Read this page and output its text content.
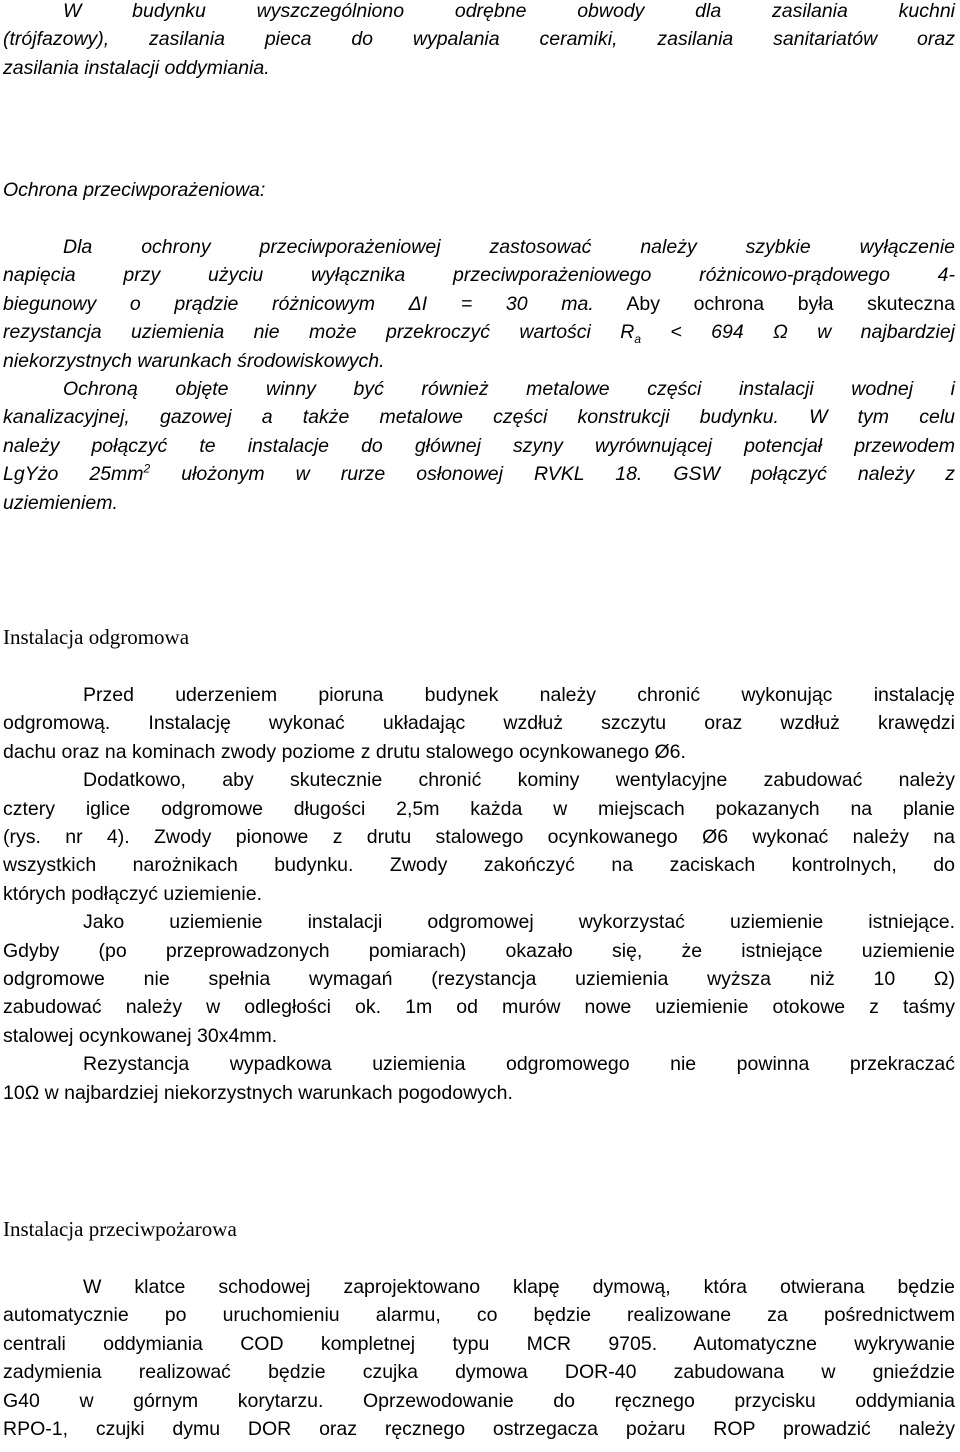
W budynku wyszczególniono odrębne obwody dla zasilania kuchni
(trójfazowy), zasilania pieca do wypalania ceramiki, zasilania sanitariatów oraz
zasilania instalacji oddymiania.

Ochrona przeciwporażeniowa:

Dla ochrony przeciwporażeniowej zastosować należy szybkie wyłączenie
napięcia przy użyciu wyłącznika przeciwporażeniowego różnicowo-prądowego 4-
biegunowy o prądzie różnicowym ΔI = 30 ma. Aby ochrona była skuteczna
rezystancja uziemienia nie może przekroczyć wartości $R_a < 694$ Ω w najbardziej
niekorzystnych warunkach środowiskowych.
Ochroną objęte winny być również metalowe części instalacji wodnej i
kanalizacyjnej, gazowej a także metalowe części konstrukcji budynku. W tym celu
należy połączyć te instalacje do głównej szyny wyrównującej potencjał przewodem
LgYżo $25mm^2$ ułożonym w rurze osłonowej RVKL 18. GSW połączyć należy z
uziemieniem.

Instalacja odgromowa

Przed uderzeniem pioruna budynek należy chronić wykonując instalację
odgromową. Instalację wykonać układając wzdłuż szczytu oraz wzdłuż krawędzi
dachu oraz na kominach zwody poziome z drutu stalowego ocynkowanego Ø6.
Dodatkowo, aby skutecznie chronić kominy wentylacyjne zabudować należy
cztery iglice odgromowe długości 2,5m każda w miejscach pokazanych na planie
(rys. nr 4). Zwody pionowe z drutu stalowego ocynkowanego Ø6 wykonać należy na
wszystkich narożnikach budynku. Zwody zakończyć na zaciskach kontrolnych, do
których podłączyć uziemienie.
Jako uziemienie instalacji odgromowej wykorzystać uziemienie istniejące.
Gdyby (po przeprowadzonych pomiarach) okazało się, że istniejące uziemienie
odgromowe nie spełnia wymagań (rezystancja uziemienia wyższa niż 10 Ω)
zabudować należy w odległości ok. 1m od murów nowe uziemienie otokowe z taśmy
stalowej ocynkowanej 30x4mm.
Rezystancja wypadkowa uziemienia odgromowego nie powinna przekraczać
10Ω w najbardziej niekorzystnych warunkach pogodowych.

Instalacja przeciwpożarowa

W klatce schodowej zaprojektowano klapę dymową, która otwierana będzie
automatycznie po uruchomieniu alarmu, co będzie realizowane za pośrednictwem
centrali oddymiania COD kompletnej typu MCR 9705. Automatyczne wykrywanie
zadymienia realizować będzie czujka dymowa DOR-40 zabudowana w gnieździe
G40 w górnym korytarzu. Oprzewodowanie do ręcznego przycisku oddymiania
RPO-1, czujki dymu DOR oraz ręcznego ostrzegacza pożaru ROP prowadzić należy
